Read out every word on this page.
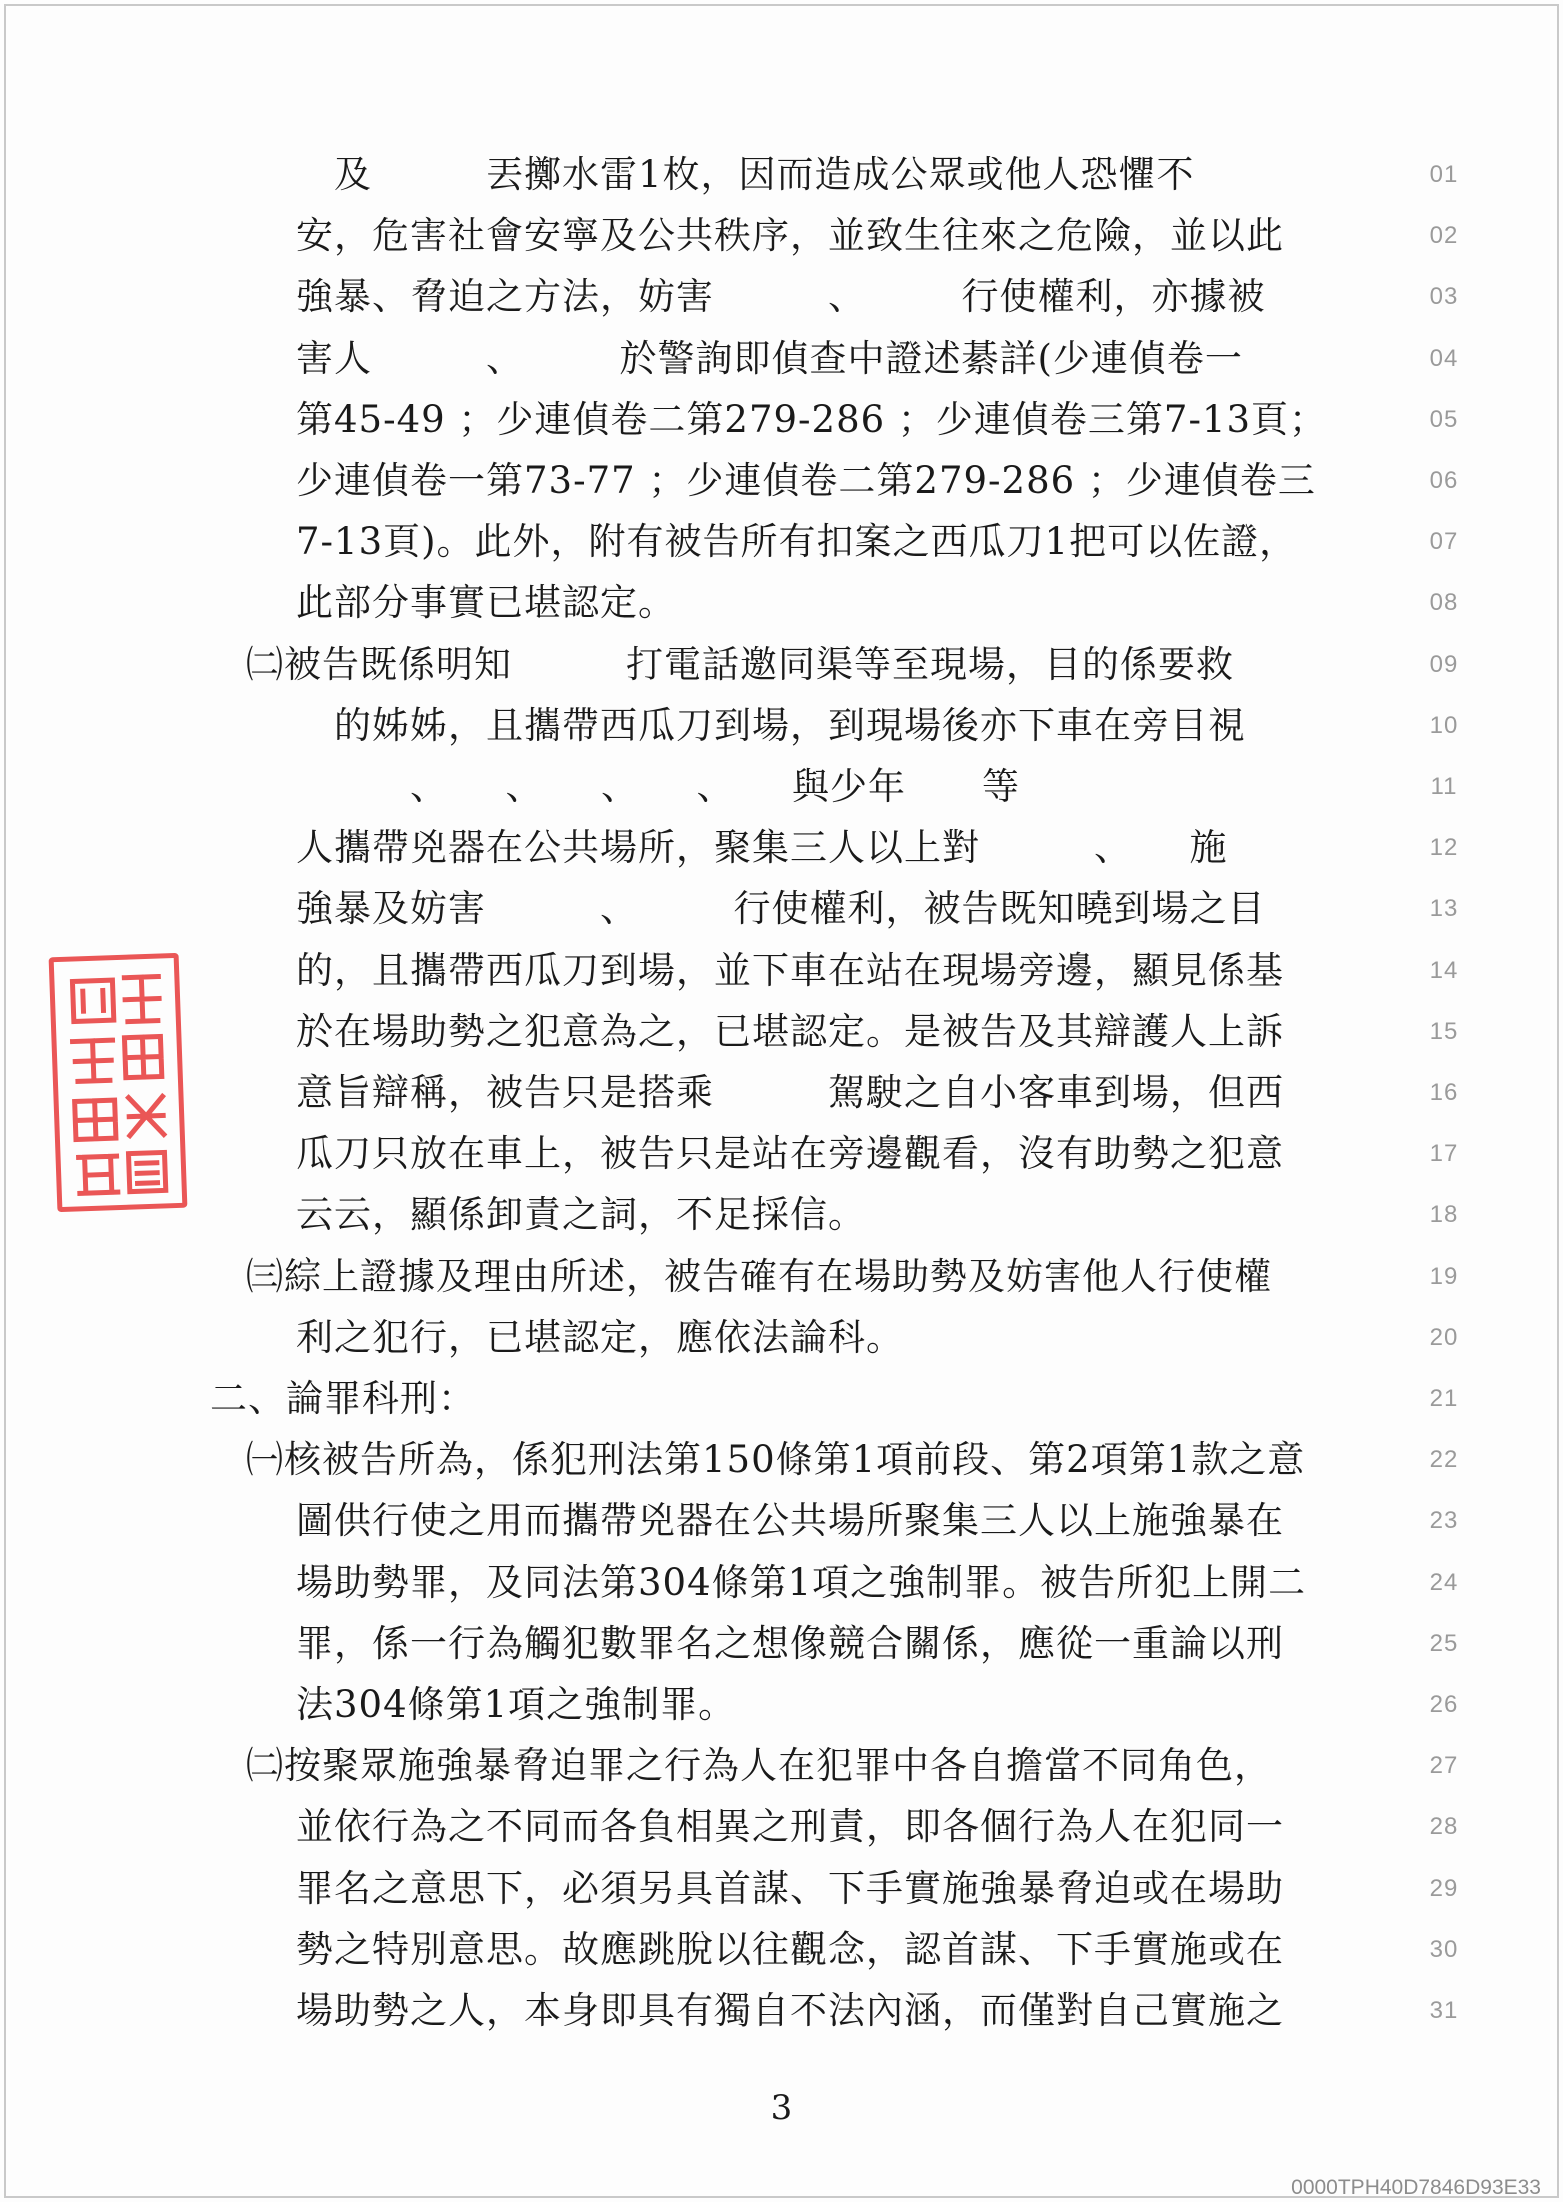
　及　　　丟擲水雷1枚，因而造成公眾或他人恐懼不	01
安，危害社會安寧及公共秩序，並致生往來之危險，並以此	02
強暴、脅迫之方法，妨害　　　、　　　行使權利，亦據被	03
害人　　　、　　　於警詢即偵查中證述綦詳(少連偵卷一	04
第45-49 ；少連偵卷二第279-286 ；少連偵卷三第7-13頁；	05
少連偵卷一第73-77 ；少連偵卷二第279-286 ；少連偵卷三	06
7-13頁)。此外，附有被告所有扣案之西瓜刀1把可以佐證，	07
此部分事實已堪認定。	08
㈡被告既係明知　　　打電話邀同渠等至現場，目的係要救	09
　的姊姊，且攜帶西瓜刀到場，到現場後亦下車在旁目視	10
　　　、　　、　　、　　、　　與少年　　等	11
人攜帶兇器在公共場所，聚集三人以上對　　　、　　施	12
強暴及妨害　　　、　　　行使權利，被告既知曉到場之目	13
的，且攜帶西瓜刀到場，並下車在站在現場旁邊，顯見係基	14
於在場助勢之犯意為之，已堪認定。是被告及其辯護人上訴	15
意旨辯稱，被告只是搭乘　　　駕駛之自小客車到場，但西	16
瓜刀只放在車上，被告只是站在旁邊觀看，沒有助勢之犯意	17
云云，顯係卸責之詞，不足採信。	18
㈢綜上證據及理由所述，被告確有在場助勢及妨害他人行使權	19
利之犯行，已堪認定，應依法論科。	20
二、論罪科刑：	21
㈠核被告所為，係犯刑法第150條第1項前段、第2項第1款之意	22
圖供行使之用而攜帶兇器在公共場所聚集三人以上施強暴在	23
場助勢罪，及同法第304條第1項之強制罪。被告所犯上開二	24
罪，係一行為觸犯數罪名之想像競合關係，應從一重論以刑	25
法304條第1項之強制罪。	26
㈡按聚眾施強暴脅迫罪之行為人在犯罪中各自擔當不同角色，	27
並依行為之不同而各負相異之刑責，即各個行為人在犯同一	28
罪名之意思下，必須另具首謀、下手實施強暴脅迫或在場助	29
勢之特別意思。故應跳脫以往觀念，認首謀、下手實施或在	30
場助勢之人，本身即具有獨自不法內涵，而僅對自己實施之	31
3
0000TPH40D7846D93E33
